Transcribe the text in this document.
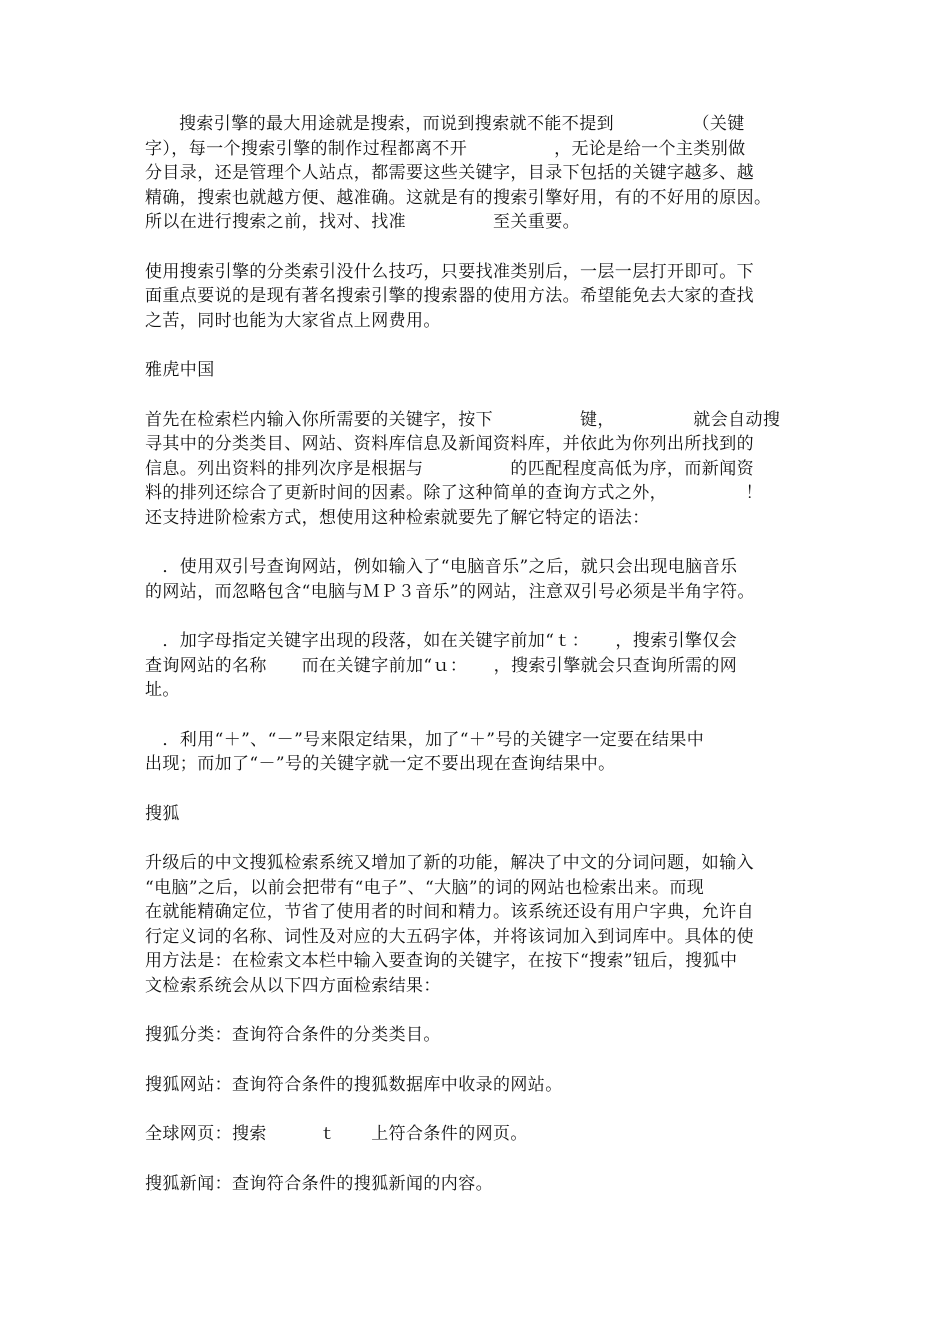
搜索引擎的最大用途就是搜索，而说到搜索就不能不提到　　　　　（关键
字），每一个搜索引擎的制作过程都离不开　　　　　，无论是给一个主类别做
分目录，还是管理个人站点，都需要这些关键字，目录下包括的关键字越多、越
精确，搜索也就越方便、越准确。这就是有的搜索引擎好用，有的不好用的原因。
所以在进行搜索之前，找对、找准　　　　　至关重要。

使用搜索引擎的分类索引没什么技巧，只要找准类别后，一层一层打开即可。下
面重点要说的是现有著名搜索引擎的搜索器的使用方法。希望能免去大家的查找
之苦，同时也能为大家省点上网费用。

雅虎中国

首先在检索栏内输入你所需要的关键字，按下　　　　　键，　　　　　就会自动搜
寻其中的分类类目、网站、资料库信息及新闻资料库，并依此为你列出所找到的
信息。列出资料的排列次序是根据与　　　　　的匹配程度高低为序，而新闻资
料的排列还综合了更新时间的因素。除了这种简单的查询方式之外，　　　　　！
还支持进阶检索方式，想使用这种检索就要先了解它特定的语法：

　．使用双引号查询网站，例如输入了“电脑音乐”之后，就只会出现电脑音乐
的网站，而忽略包含“电脑与ＭＰ３音乐”的网站，注意双引号必须是半角字符。

　．加字母指定关键字出现的段落，如在关键字前加“ｔ：　　，搜索引擎仅会
查询网站的名称　　而在关键字前加“ｕ：　　，搜索引擎就会只查询所需的网
址。

　．利用“＋”、“－”号来限定结果，加了“＋”号的关键字一定要在结果中
出现；而加了“－”号的关键字就一定不要出现在查询结果中。

搜狐

升级后的中文搜狐检索系统又增加了新的功能，解决了中文的分词问题，如输入
“电脑”之后，以前会把带有“电子”、“大脑”的词的网站也检索出来。而现
在就能精确定位，节省了使用者的时间和精力。该系统还设有用户字典，允许自
行定义词的名称、词性及对应的大五码字体，并将该词加入到词库中。具体的使
用方法是：在检索文本栏中输入要查询的关键字，在按下“搜索”钮后，搜狐中
文检索系统会从以下四方面检索结果：

搜狐分类：查询符合条件的分类类目。

搜狐网站：查询符合条件的搜狐数据库中收录的网站。

全球网页：搜索　　　ｔ　　上符合条件的网页。

搜狐新闻：查询符合条件的搜狐新闻的内容。
